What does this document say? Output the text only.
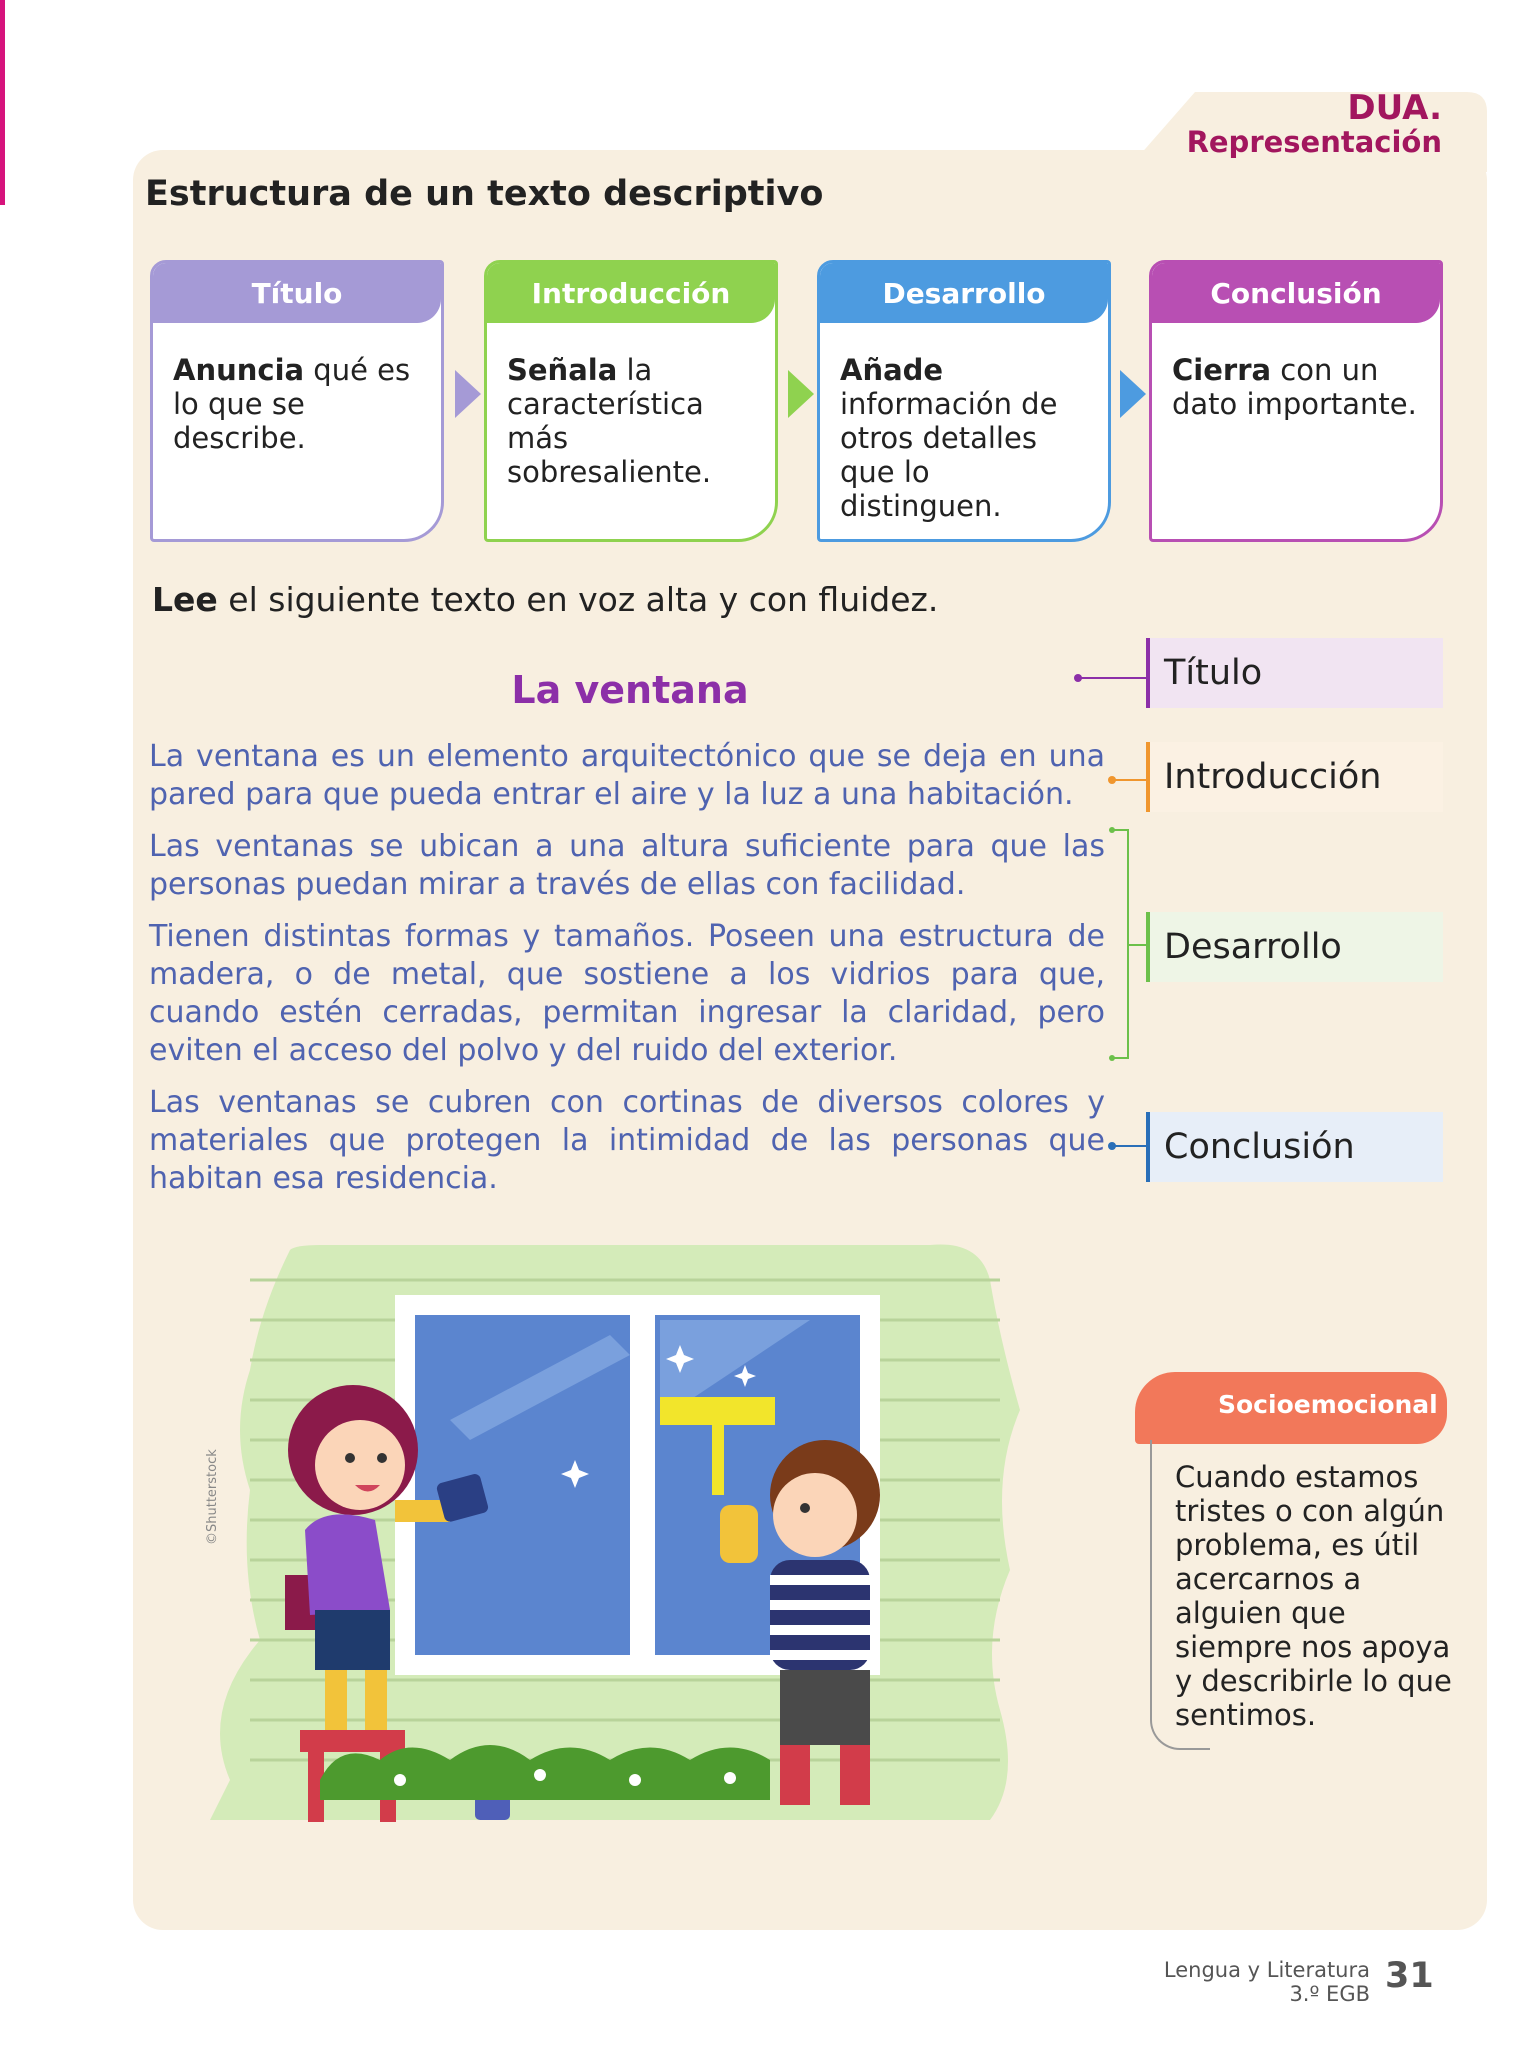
DUA.
Representación
Estructura de un texto descriptivo
Título
Anuncia qué es lo que se describe.
Introducción
Señala la característica más sobresaliente.
Desarrollo
Añade información de otros detalles que lo distinguen.
Conclusión
Cierra con un dato importante.
Lee el siguiente texto en voz alta y con fluidez.
La ventana
La ventana es un elemento arquitectónico que se deja en una pared para que pueda entrar el aire y la luz a una habitación.
Las ventanas se ubican a una altura suficiente para que las personas puedan mirar a través de ellas con facilidad.
Tienen distintas formas y tamaños. Poseen una estructura de madera, o de metal, que sostiene a los vidrios para que, cuando estén cerradas, permitan ingresar la claridad, pero eviten el acceso del polvo y del ruido del exterior.
Las ventanas se cubren con cortinas de diversos colores y materiales que protegen la intimidad de las personas que habitan esa residencia.
Título
Introducción
Desarrollo
Conclusión
©Shutterstock
Socioemocional
Cuando estamos tristes o con algún problema, es útil acercarnos a alguien que siempre nos apoya y describirle lo que sentimos.
Lengua y Literatura
3.º EGB 31
